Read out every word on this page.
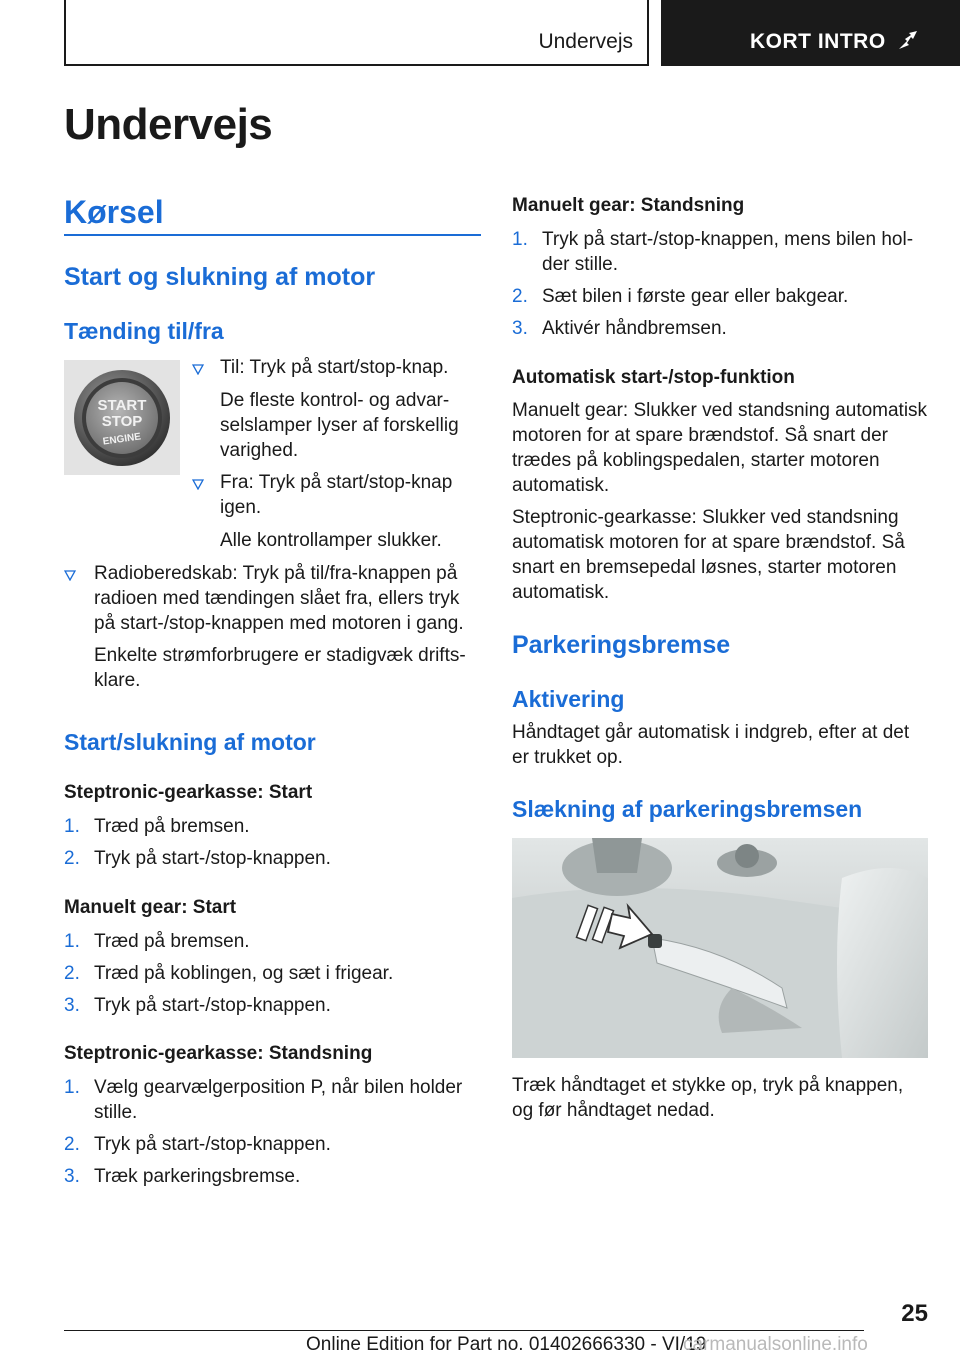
Undervejs	KORT INTRO
Undervejs
Kørsel
Start og slukning af motor
Tænding til/fra
START
STOP
ENGINE
Til: Tryk på start/stop-knap.
De fleste kontrol- og advar-
selslamper lyser af forskellig
varighed.
Fra: Tryk på start/stop-knap
igen.
Alle kontrollamper slukker.
Radioberedskab: Tryk på til/fra-knappen på
radioen med tændingen slået fra, ellers tryk
på start-/stop-knappen med motoren i gang.
Enkelte strømforbrugere er stadigvæk drifts-
klare.
Start/slukning af motor
Steptronic-gearkasse: Start
1. Træd på bremsen.
2. Tryk på start-/stop-knappen.
Manuelt gear: Start
1. Træd på bremsen.
2. Træd på koblingen, og sæt i frigear.
3. Tryk på start-/stop-knappen.
Steptronic-gearkasse: Standsning
1. Vælg gearvælgerposition P, når bilen holder
stille.
2. Tryk på start-/stop-knappen.
3. Træk parkeringsbremse.
Manuelt gear: Standsning
1. Tryk på start-/stop-knappen, mens bilen hol-
der stille.
2. Sæt bilen i første gear eller bakgear.
3. Aktivér håndbremsen.
Automatisk start-/stop-funktion
Manuelt gear: Slukker ved standsning automatisk
motoren for at spare brændstof. Så snart der
trædes på koblingspedalen, starter motoren
automatisk.
Steptronic-gearkasse: Slukker ved standsning
automatisk motoren for at spare brændstof. Så
snart en bremsepedal løsnes, starter motoren
automatisk.
Parkeringsbremse
Aktivering
Håndtaget går automatisk i indgreb, efter at det
er trukket op.
Slækning af parkeringsbremsen
Træk håndtaget et stykke op, tryk på knappen,
og før håndtaget nedad.
25
Online Edition for Part no. 01402666330 - VI/19
carmanualsonline.info
